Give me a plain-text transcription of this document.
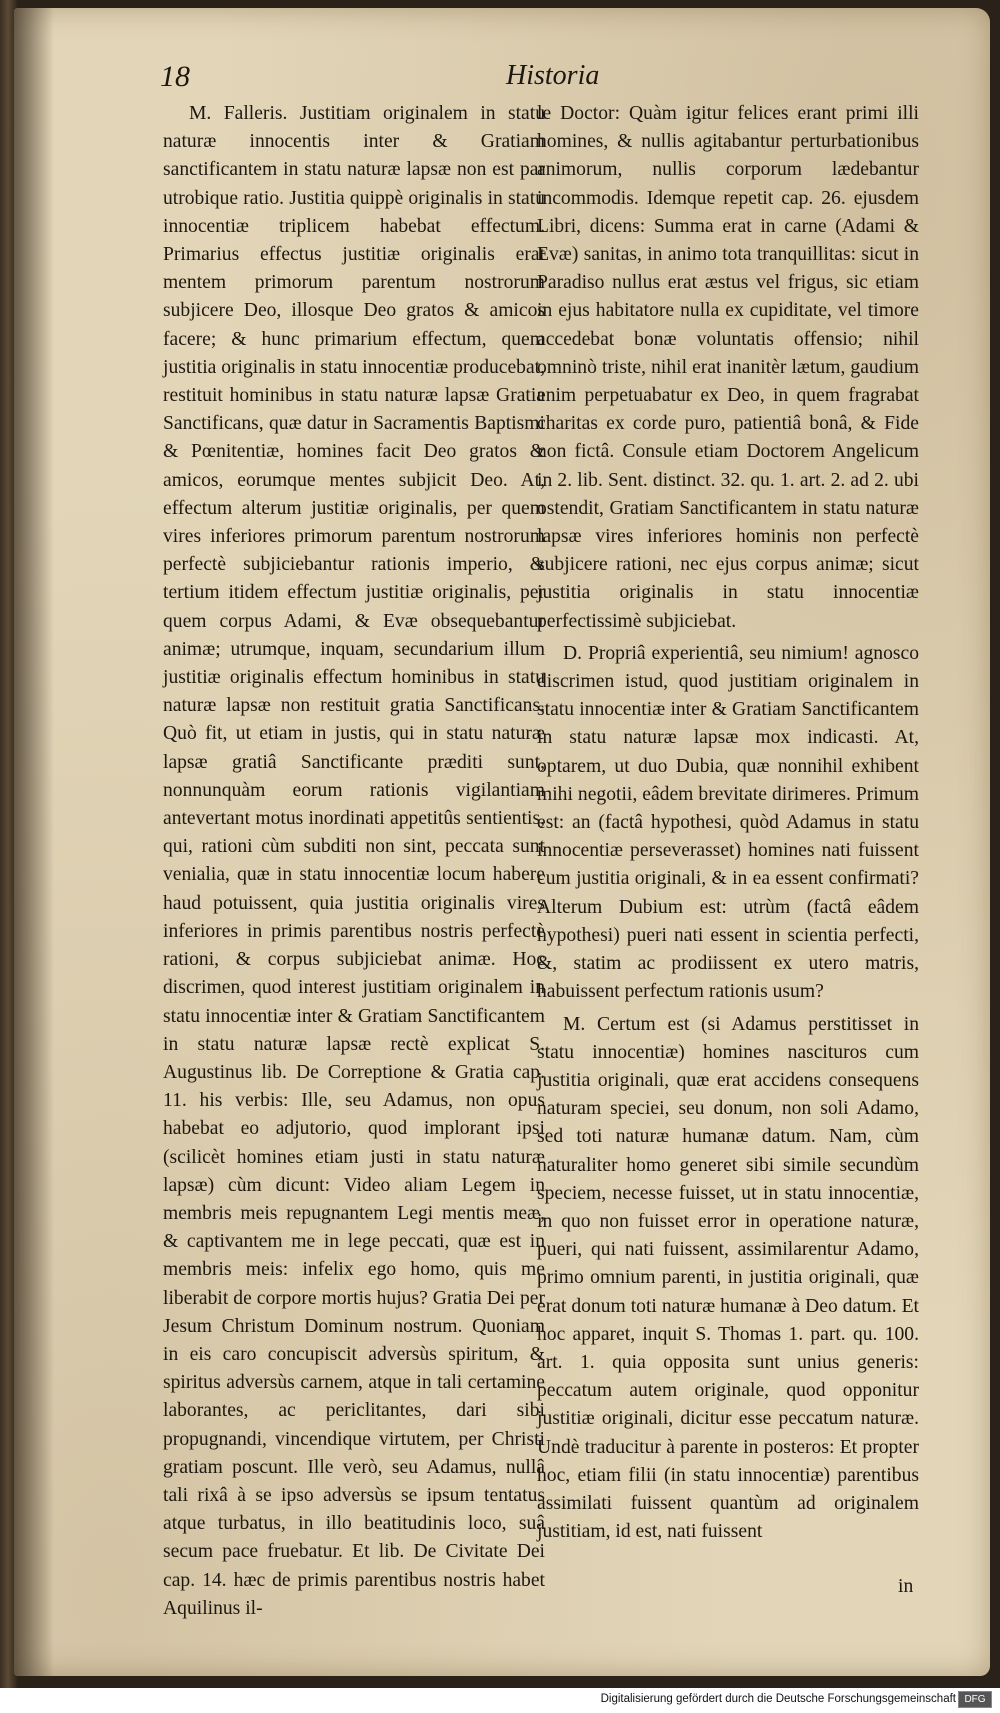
18	Historia

M. Falleris. Justitiam originalem in statu naturæ innocentis inter & Gratiam sanctificantem in statu naturæ lapsæ non est par utrobique ratio. Justitia quippè originalis in statu innocentiæ triplicem habebat effectum. Primarius effectus justitiæ originalis erat mentem primorum parentum nostrorum subjicere Deo, illosque Deo gratos & amicos facere; & hunc primarium effectum, quem justitia originalis in statu innocentiæ producebat, restituit hominibus in statu naturæ lapsæ Gratia Sanctificans, quæ datur in Sacramentis Baptismi & Pœnitentiæ, homines facit Deo gratos & amicos, eorumque mentes subjicit Deo. At, effectum alterum justitiæ originalis, per quem vires inferiores primorum parentum nostrorum perfectè subjiciebantur rationis imperio, & tertium itidem effectum justitiæ originalis, per quem corpus Adami, & Evæ obsequebantur animæ; utrumque, inquam, secundarium illum justitiæ originalis effectum hominibus in statu naturæ lapsæ non restituit gratia Sanctificans. Quò fit, ut etiam in justis, qui in statu naturæ lapsæ gratiâ Sanctificante præditi sunt, nonnunquàm eorum rationis vigilantiam antevertant motus inordinati appetitûs sentientis, qui, rationi cùm subditi non sint, peccata sunt venialia, quæ in statu innocentiæ locum habere haud potuissent, quia justitia originalis vires inferiores in primis parentibus nostris perfectè rationi, & corpus subjiciebat animæ. Hoc discrimen, quod interest justitiam originalem in statu innocentiæ inter & Gratiam Sanctificantem in statu naturæ lapsæ rectè explicat S. Augustinus lib. De Correptione & Gratia cap. 11. his verbis: Ille, seu Adamus, non opus habebat eo adjutorio, quod implorant ipsi (scilicèt homines etiam justi in statu naturæ lapsæ) cùm dicunt: Video aliam Legem in membris meis repugnantem Legi mentis meæ, & captivantem me in lege peccati, quæ est in membris meis: infelix ego homo, quis me liberabit de corpore mortis hujus? Gratia Dei per Jesum Christum Dominum nostrum. Quoniam in eis caro concupiscit adversùs spiritum, & spiritus adversùs carnem, atque in tali certamine laborantes, ac periclitantes, dari sibi propugnandi, vincendique virtutem, per Christi gratiam poscunt. Ille verò, seu Adamus, nullâ tali rixâ à se ipso adversùs se ipsum tentatus atque turbatus, in illo beatitudinis loco, suâ secum pace fruebatur. Et lib. De Civitate Dei cap. 14. hæc de primis parentibus nostris habet Aquilinus il-

le Doctor: Quàm igitur felices erant primi illi homines, & nullis agitabantur perturbationibus animorum, nullis corporum lædebantur incommodis. Idemque repetit cap. 26. ejusdem Libri, dicens: Summa erat in carne (Adami & Evæ) sanitas, in animo tota tranquillitas: sicut in Paradiso nullus erat æstus vel frigus, sic etiam in ejus habitatore nulla ex cupiditate, vel timore accedebat bonæ voluntatis offensio; nihil omninò triste, nihil erat inanitèr lætum, gaudium enim perpetuabatur ex Deo, in quem fragrabat charitas ex corde puro, patientiâ bonâ, & Fide non fictâ. Consule etiam Doctorem Angelicum in 2. lib. Sent. distinct. 32. qu. 1. art. 2. ad 2. ubi ostendit, Gratiam Sanctificantem in statu naturæ lapsæ vires inferiores hominis non perfectè subjicere rationi, nec ejus corpus animæ; sicut justitia originalis in statu innocentiæ perfectissimè subjiciebat.

D. Propriâ experientiâ, seu nimium! agnosco discrimen istud, quod justitiam originalem in statu innocentiæ inter & Gratiam Sanctificantem in statu naturæ lapsæ mox indicasti. At, optarem, ut duo Dubia, quæ nonnihil exhibent mihi negotii, eâdem brevitate dirimeres. Primum est: an (factâ hypothesi, quòd Adamus in statu innocentiæ perseverasset) homines nati fuissent cum justitia originali, & in ea essent confirmati? Alterum Dubium est: utrùm (factâ eâdem hypothesi) pueri nati essent in scientia perfecti, &, statim ac prodiissent ex utero matris, habuissent perfectum rationis usum?

M. Certum est (si Adamus perstitisset in statu innocentiæ) homines nascituros cum justitia originali, quæ erat accidens consequens naturam speciei, seu donum, non soli Adamo, sed toti naturæ humanæ datum. Nam, cùm naturaliter homo generet sibi simile secundùm speciem, necesse fuisset, ut in statu innocentiæ, in quo non fuisset error in operatione naturæ, pueri, qui nati fuissent, assimilarentur Adamo, primo omnium parenti, in justitia originali, quæ erat donum toti naturæ humanæ à Deo datum. Et hoc apparet, inquit S. Thomas 1. part. qu. 100. art. 1. quia opposita sunt unius generis: peccatum autem originale, quod opponitur justitiæ originali, dicitur esse peccatum naturæ. Undè traducitur à parente in posteros: Et propter hoc, etiam filii (in statu innocentiæ) parentibus assimilati fuissent quantùm ad originalem justitiam, id est, nati fuissent

in
Digitalisierung gefördert durch die Deutsche Forschungsgemeinschaft DFG
